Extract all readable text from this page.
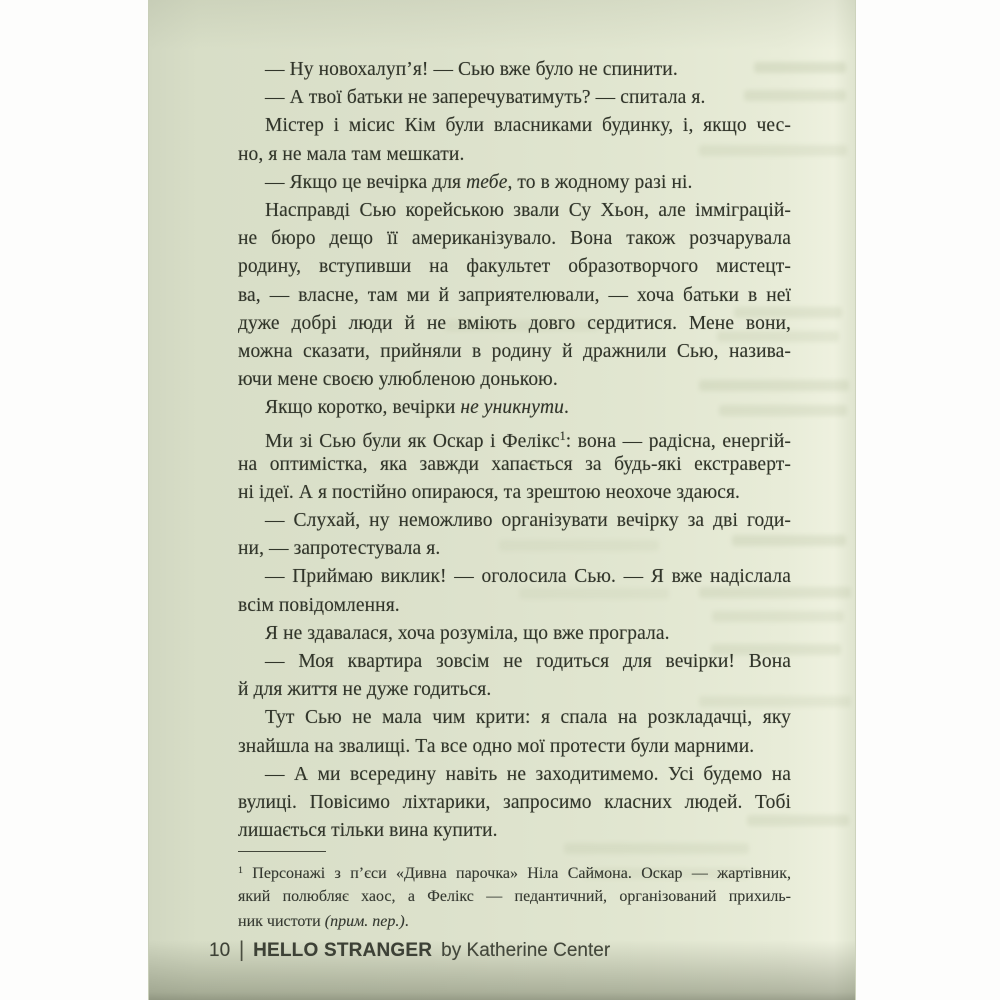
— Ну новохалуп’я! — Сью вже було не спинити.
— А твої батьки не заперечуватимуть? — спитала я.
Містер і місис Кім були власниками будинку, і, якщо чес-
но, я не мала там мешкати.
— Якщо це вечірка для тебе, то в жодному разі ні.
Насправді Сью корейською звали Су Хьон, але імміграцій-
не бюро дещо її американізувало. Вона також розчарувала
родину, вступивши на факультет образотворчого мистецт-
ва, — власне, там ми й заприятелювали, — хоча батьки в неї
дуже добрі люди й не вміють довго сердитися. Мене вони,
можна сказати, прийняли в родину й дражнили Сью, назива-
ючи мене своєю улюбленою донькою.
Якщо коротко, вечірки не уникнути.
Ми зі Сью були як Оскар і Фелікс$^1$: вона — радісна, енергій-
на оптимістка, яка завжди хапається за будь-які екстраверт-
ні ідеї. А я постійно опираюся, та зрештою неохоче здаюся.
— Слухай, ну неможливо організувати вечірку за дві годи-
ни, — запротестувала я.
— Приймаю виклик! — оголосила Сью. — Я вже надіслала
всім повідомлення.
Я не здавалася, хоча розуміла, що вже програла.
— Моя квартира зовсім не годиться для вечірки! Вона
й для життя не дуже годиться.
Тут Сью не мала чим крити: я спала на розкладачці, яку
знайшла на звалищі. Та все одно мої протести були марними.
— А ми всередину навіть не заходитимемо. Усі будемо на
вулиці. Повісимо ліхтарики, запросимо класних людей. Тобі
лишається тільки вина купити.
$^1$ Персонажі з п’єси «Дивна парочка» Ніла Саймона. Оскар — жартівник,
який полюбляє хаос, а Фелікс — педантичний, організований прихиль-
ник чистоти (прим. пер.).
10 | HELLO STRANGER by Katherine Center
